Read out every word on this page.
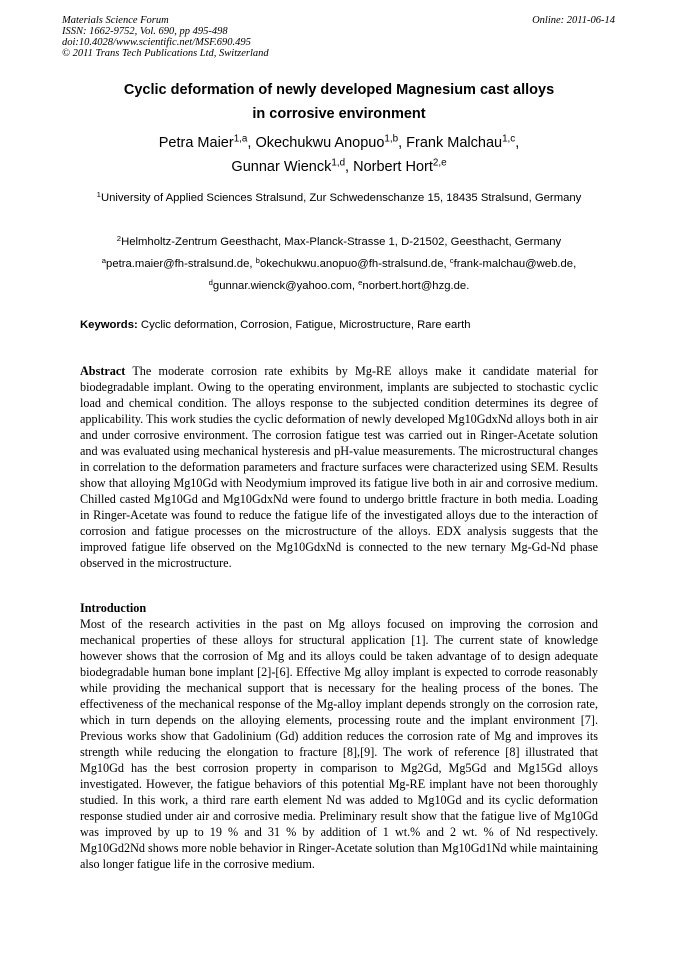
Materials Science Forum
ISSN: 1662-9752, Vol. 690, pp 495-498
doi:10.4028/www.scientific.net/MSF.690.495
© 2011 Trans Tech Publications Ltd, Switzerland
Online: 2011-06-14
Cyclic deformation of newly developed Magnesium cast alloys
in corrosive environment
Petra Maier$^{1,a}$, Okechukwu Anopuo$^{1,b}$, Frank Malchau$^{1,c}$,
Gunnar Wienck$^{1,d}$, Norbert Hort$^{2,e}$
$^1$University of Applied Sciences Stralsund, Zur Schwedenschanze 15, 18435 Stralsund, Germany
$^2$Helmholtz-Zentrum Geesthacht, Max-Planck-Strasse 1, D-21502, Geesthacht, Germany
$^a$petra.maier@fh-stralsund.de, $^b$okechukwu.anopuo@fh-stralsund.de, $^c$frank-malchau@web.de, $^d$gunnar.wienck@yahoo.com, $^e$norbert.hort@hzg.de.
Keywords: Cyclic deformation, Corrosion, Fatigue, Microstructure, Rare earth
Abstract The moderate corrosion rate exhibits by Mg-RE alloys make it candidate material for biodegradable implant. Owing to the operating environment, implants are subjected to stochastic cyclic load and chemical condition. The alloys response to the subjected condition determines its degree of applicability. This work studies the cyclic deformation of newly developed Mg10GdxNd alloys both in air and under corrosive environment. The corrosion fatigue test was carried out in Ringer-Acetate solution and was evaluated using mechanical hysteresis and pH-value measurements. The microstructural changes in correlation to the deformation parameters and fracture surfaces were characterized using SEM. Results show that alloying Mg10Gd with Neodymium improved its fatigue live both in air and corrosive medium. Chilled casted Mg10Gd and Mg10GdxNd were found to undergo brittle fracture in both media. Loading in Ringer-Acetate was found to reduce the fatigue life of the investigated alloys due to the interaction of corrosion and fatigue processes on the microstructure of the alloys. EDX analysis suggests that the improved fatigue life observed on the Mg10GdxNd is connected to the new ternary Mg-Gd-Nd phase observed in the microstructure.
Introduction
Most of the research activities in the past on Mg alloys focused on improving the corrosion and mechanical properties of these alloys for structural application [1]. The current state of knowledge however shows that the corrosion of Mg and its alloys could be taken advantage of to design adequate biodegradable human bone implant [2]-[6]. Effective Mg alloy implant is expected to corrode reasonably while providing the mechanical support that is necessary for the healing process of the bones. The effectiveness of the mechanical response of the Mg-alloy implant depends strongly on the corrosion rate, which in turn depends on the alloying elements, processing route and the implant environment [7]. Previous works show that Gadolinium (Gd) addition reduces the corrosion rate of Mg and improves its strength while reducing the elongation to fracture [8],[9]. The work of reference [8] illustrated that Mg10Gd has the best corrosion property in comparison to Mg2Gd, Mg5Gd and Mg15Gd alloys investigated. However, the fatigue behaviors of this potential Mg-RE implant have not been thoroughly studied. In this work, a third rare earth element Nd was added to Mg10Gd and its cyclic deformation response studied under air and corrosive media. Preliminary result show that the fatigue live of Mg10Gd was improved by up to 19 % and 31 % by addition of 1 wt.% and 2 wt. % of Nd respectively. Mg10Gd2Nd shows more noble behavior in Ringer-Acetate solution than Mg10Gd1Nd while maintaining also longer fatigue life in the corrosive medium.
